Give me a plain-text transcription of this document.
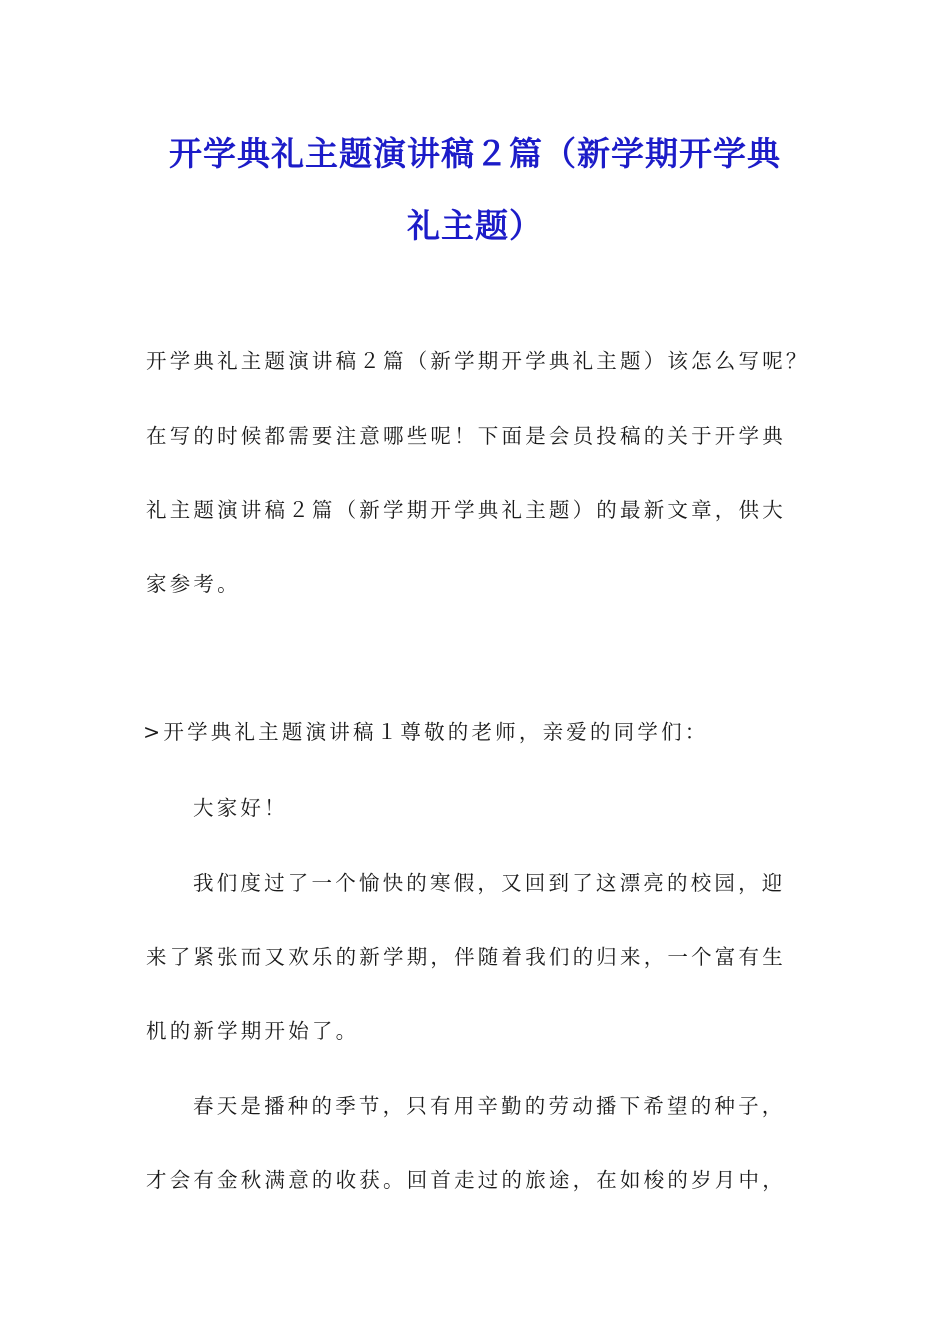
开学典礼主题演讲稿２篇（新学期开学典
礼主题）

开学典礼主题演讲稿２篇（新学期开学典礼主题）该怎么写呢？

在写的时候都需要注意哪些呢！下面是会员投稿的关于开学典

礼主题演讲稿２篇（新学期开学典礼主题）的最新文章，供大

家参考。

>开学典礼主题演讲稿１尊敬的老师，亲爱的同学们：

大家好！

我们度过了一个愉快的寒假，又回到了这漂亮的校园，迎

来了紧张而又欢乐的新学期，伴随着我们的归来，一个富有生

机的新学期开始了。

春天是播种的季节，只有用辛勤的劳动播下希望的种子，

才会有金秋满意的收获。回首走过的旅途，在如梭的岁月中，
